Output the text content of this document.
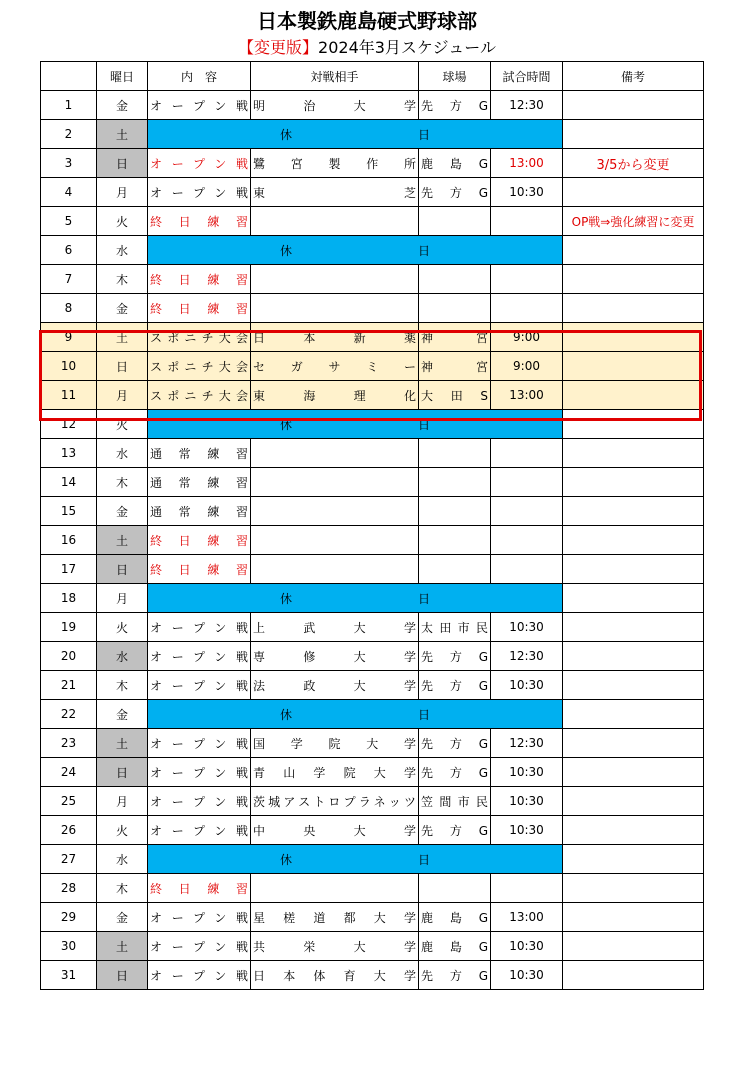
日本製鉄鹿島硬式野球部
【変更版】2024年3月スケジュール
	曜日	内　容	対戦相手	球場	試合時間	備考
1	金	オープン戦	明治大学	先方G	12:30	
2	土	休日				
3	日	オープン戦	鷺宮製作所	鹿島G	13:00	3/5から変更
4	月	オープン戦	東芝	先方G	10:30	
5	火	終日練習				OP戦⇒強化練習に変更
6	水	休日				
7	木	終日練習				
8	金	終日練習				
9	土	スポニチ大会	日本新薬	神宮	9:00	
10	日	スポニチ大会	セガサミー	神宮	9:00	
11	月	スポニチ大会	東海理化	大田S	13:00	
12	火	休日				
13	水	通常練習				
14	木	通常練習				
15	金	通常練習				
16	土	終日練習				
17	日	終日練習				
18	月	休日				
19	火	オープン戦	上武大学	太田市民	10:30	
20	水	オープン戦	専修大学	先方G	12:30	
21	木	オープン戦	法政大学	先方G	10:30	
22	金	休日				
23	土	オープン戦	国学院大学	先方G	12:30	
24	日	オープン戦	青山学院大学	先方G	10:30	
25	月	オープン戦	茨城アストロプラネッツ	笠間市民	10:30	
26	火	オープン戦	中央大学	先方G	10:30	
27	水	休日				
28	木	終日練習				
29	金	オープン戦	星槎道都大学	鹿島G	13:00	
30	土	オープン戦	共栄大学	鹿島G	10:30	
31	日	オープン戦	日本体育大学	先方G	10:30	
